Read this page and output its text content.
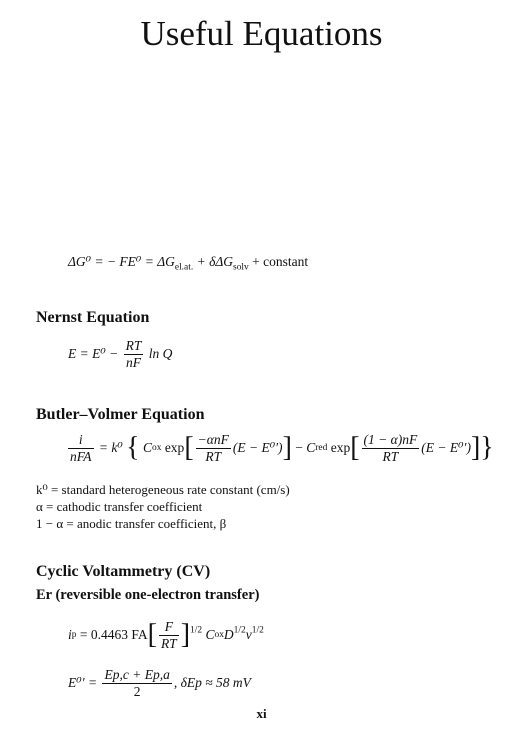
Useful Equations
ΔG⁰ = − $FE^0 = \Delta G_{el.at.} + \delta\Delta G_{solv}$ + constant
Nernst Equation
$E = E^0 - \frac{RT}{nF}$ ln Q
Butler–Volmer Equation
$\frac{i}{\text{nFA}} = k^0$ { Cox $\exp[ \frac{\text{−αnF}}{RT} (E - E^0')]$ − Cred $\exp[ \frac{(1 - \alpha)nF}{RT} (E - E^0')]$}
k⁰ = standard heterogeneous rate constant (cm/s)
α = cathodic transfer coefficient
1 − α = anodic transfer coefficient, β
Cyclic Voltammetry (CV)
Er (reversible one-electron transfer)
ip = 0.4463 $FA[ \frac{F}{RT} ]^{1/2}$ $CoxD^{1/2}\nu^{1/2}$
$E^0' = \frac{Ep,c + Ep,a}{2}$ , δEp ≈ 58 mV
xi
